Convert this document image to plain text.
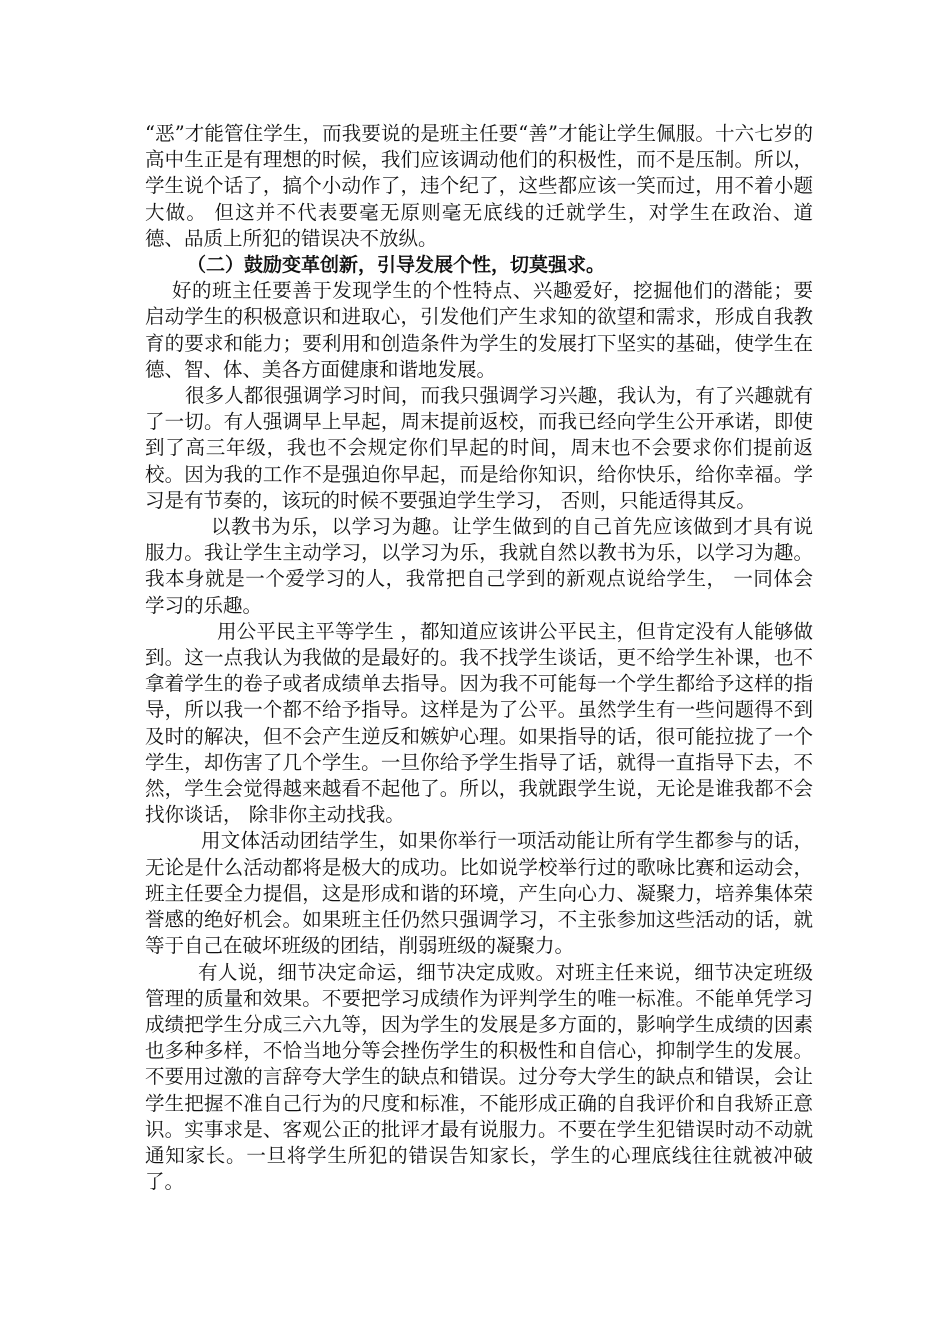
“恶”才能管住学生，而我要说的是班主任要“善”才能让学生佩服。十六七岁的高中生正是有理想的时候，我们应该调动他们的积极性，而不是压制。所以，学生说个话了，搞个小动作了，违个纪了，这些都应该一笑而过，用不着小题大做。 但这并不代表要毫无原则毫无底线的迁就学生，对学生在政治、道德、品质上所犯的错误决不放纵。

（二）鼓励变革创新，引导发展个性，切莫强求。

好的班主任要善于发现学生的个性特点、兴趣爱好，挖掘他们的潜能；要启动学生的积极意识和进取心，引发他们产生求知的欲望和需求，形成自我教育的要求和能力；要利用和创造条件为学生的发展打下坚实的基础，使学生在德、智、体、美各方面健康和谐地发展。

很多人都很强调学习时间，而我只强调学习兴趣，我认为，有了兴趣就有了一切。有人强调早上早起，周末提前返校，而我已经向学生公开承诺，即使到了高三年级，我也不会规定你们早起的时间，周末也不会要求你们提前返校。因为我的工作不是强迫你早起，而是给你知识，给你快乐，给你幸福。学习是有节奏的，该玩的时候不要强迫学生学习， 否则，只能适得其反。

以教书为乐，以学习为趣。让学生做到的自己首先应该做到才具有说服力。我让学生主动学习，以学习为乐，我就自然以教书为乐，以学习为趣。我本身就是一个爱学习的人，我常把自己学到的新观点说给学生， 一同体会学习的乐趣。

用公平民主平等学生 ，都知道应该讲公平民主，但肯定没有人能够做到。这一点我认为我做的是最好的。我不找学生谈话，更不给学生补课，也不拿着学生的卷子或者成绩单去指导。因为我不可能每一个学生都给予这样的指导，所以我一个都不给予指导。这样是为了公平。虽然学生有一些问题得不到及时的解决，但不会产生逆反和嫉妒心理。如果指导的话，很可能拉拢了一个学生，却伤害了几个学生。一旦你给予学生指导了话，就得一直指导下去，不然，学生会觉得越来越看不起他了。所以，我就跟学生说，无论是谁我都不会找你谈话， 除非你主动找我。

用文体活动团结学生，如果你举行一项活动能让所有学生都参与的话，无论是什么活动都将是极大的成功。比如说学校举行过的歌咏比赛和运动会，班主任要全力提倡，这是形成和谐的环境，产生向心力、凝聚力，培养集体荣誉感的绝好机会。如果班主任仍然只强调学习，不主张参加这些活动的话，就等于自己在破坏班级的团结，削弱班级的凝聚力。

有人说，细节决定命运，细节决定成败。对班主任来说，细节决定班级管理的质量和效果。不要把学习成绩作为评判学生的唯一标准。不能单凭学习成绩把学生分成三六九等，因为学生的发展是多方面的，影响学生成绩的因素也多种多样，不恰当地分等会挫伤学生的积极性和自信心，抑制学生的发展。不要用过激的言辞夸大学生的缺点和错误。过分夸大学生的缺点和错误，会让学生把握不准自己行为的尺度和标准，不能形成正确的自我评价和自我矫正意识。实事求是、客观公正的批评才最有说服力。不要在学生犯错误时动不动就通知家长。一旦将学生所犯的错误告知家长，学生的心理底线往往就被冲破了。
